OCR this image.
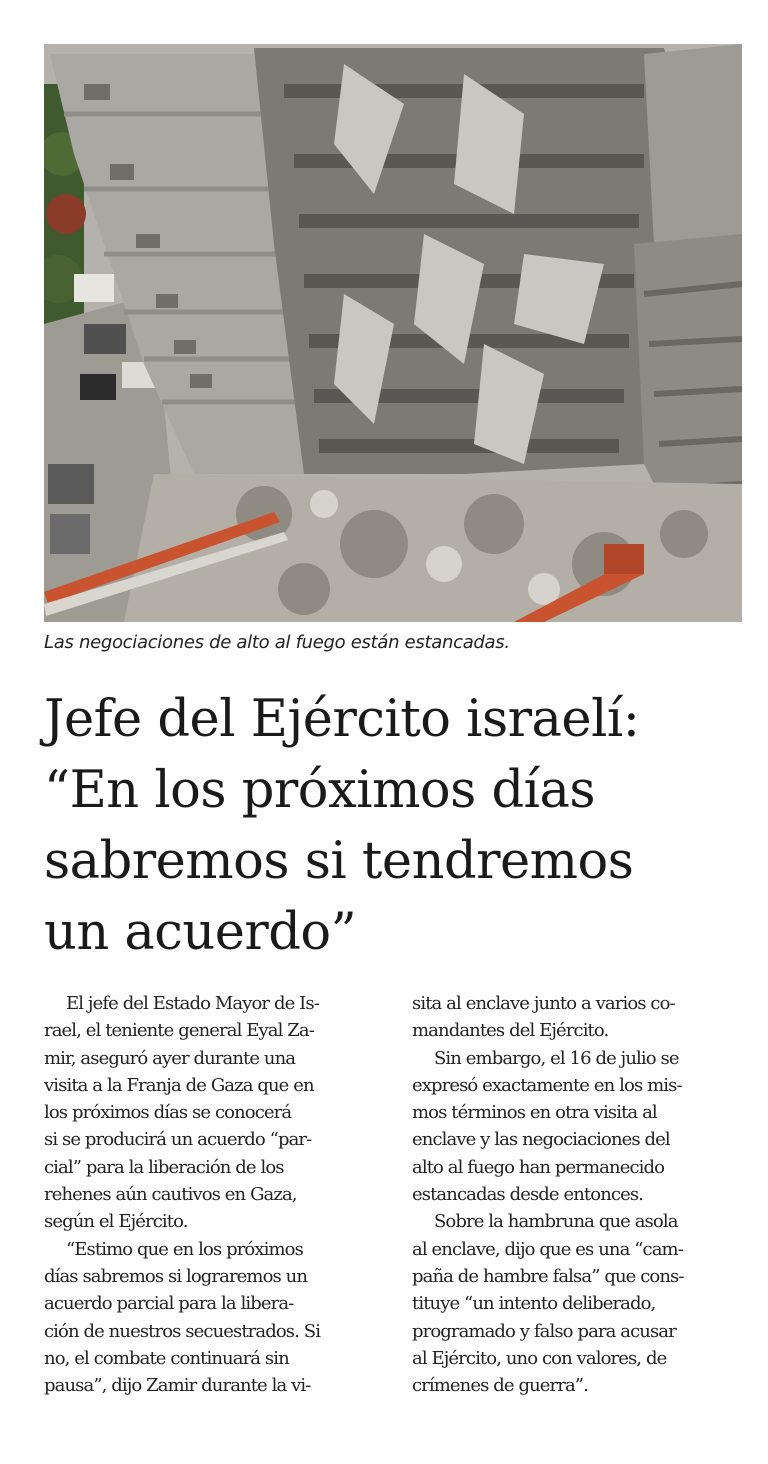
Las negociaciones de alto al fuego están estancadas.
Jefe del Ejército israelí:
“En los próximos días
sabremos si tendremos
un acuerdo”

El jefe del Estado Mayor de Is-
rael, el teniente general Eyal Za-
mir, aseguró ayer durante una
visita a la Franja de Gaza que en
los próximos días se conocerá
si se producirá un acuerdo “par-
cial” para la liberación de los
rehenes aún cautivos en Gaza,
según el Ejército.

“Estimo que en los próximos
días sabremos si lograremos un
acuerdo parcial para la libera-
ción de nuestros secuestrados. Si
no, el combate continuará sin
pausa”, dijo Zamir durante la vi-

sita al enclave junto a varios co-
mandantes del Ejército.

Sin embargo, el 16 de julio se
expresó exactamente en los mis-
mos términos en otra visita al
enclave y las negociaciones del
alto al fuego han permanecido
estancadas desde entonces.

Sobre la hambruna que asola
al enclave, dijo que es una “cam-
paña de hambre falsa” que cons-
tituye “un intento deliberado,
programado y falso para acusar
al Ejército, uno con valores, de
crímenes de guerra”.
